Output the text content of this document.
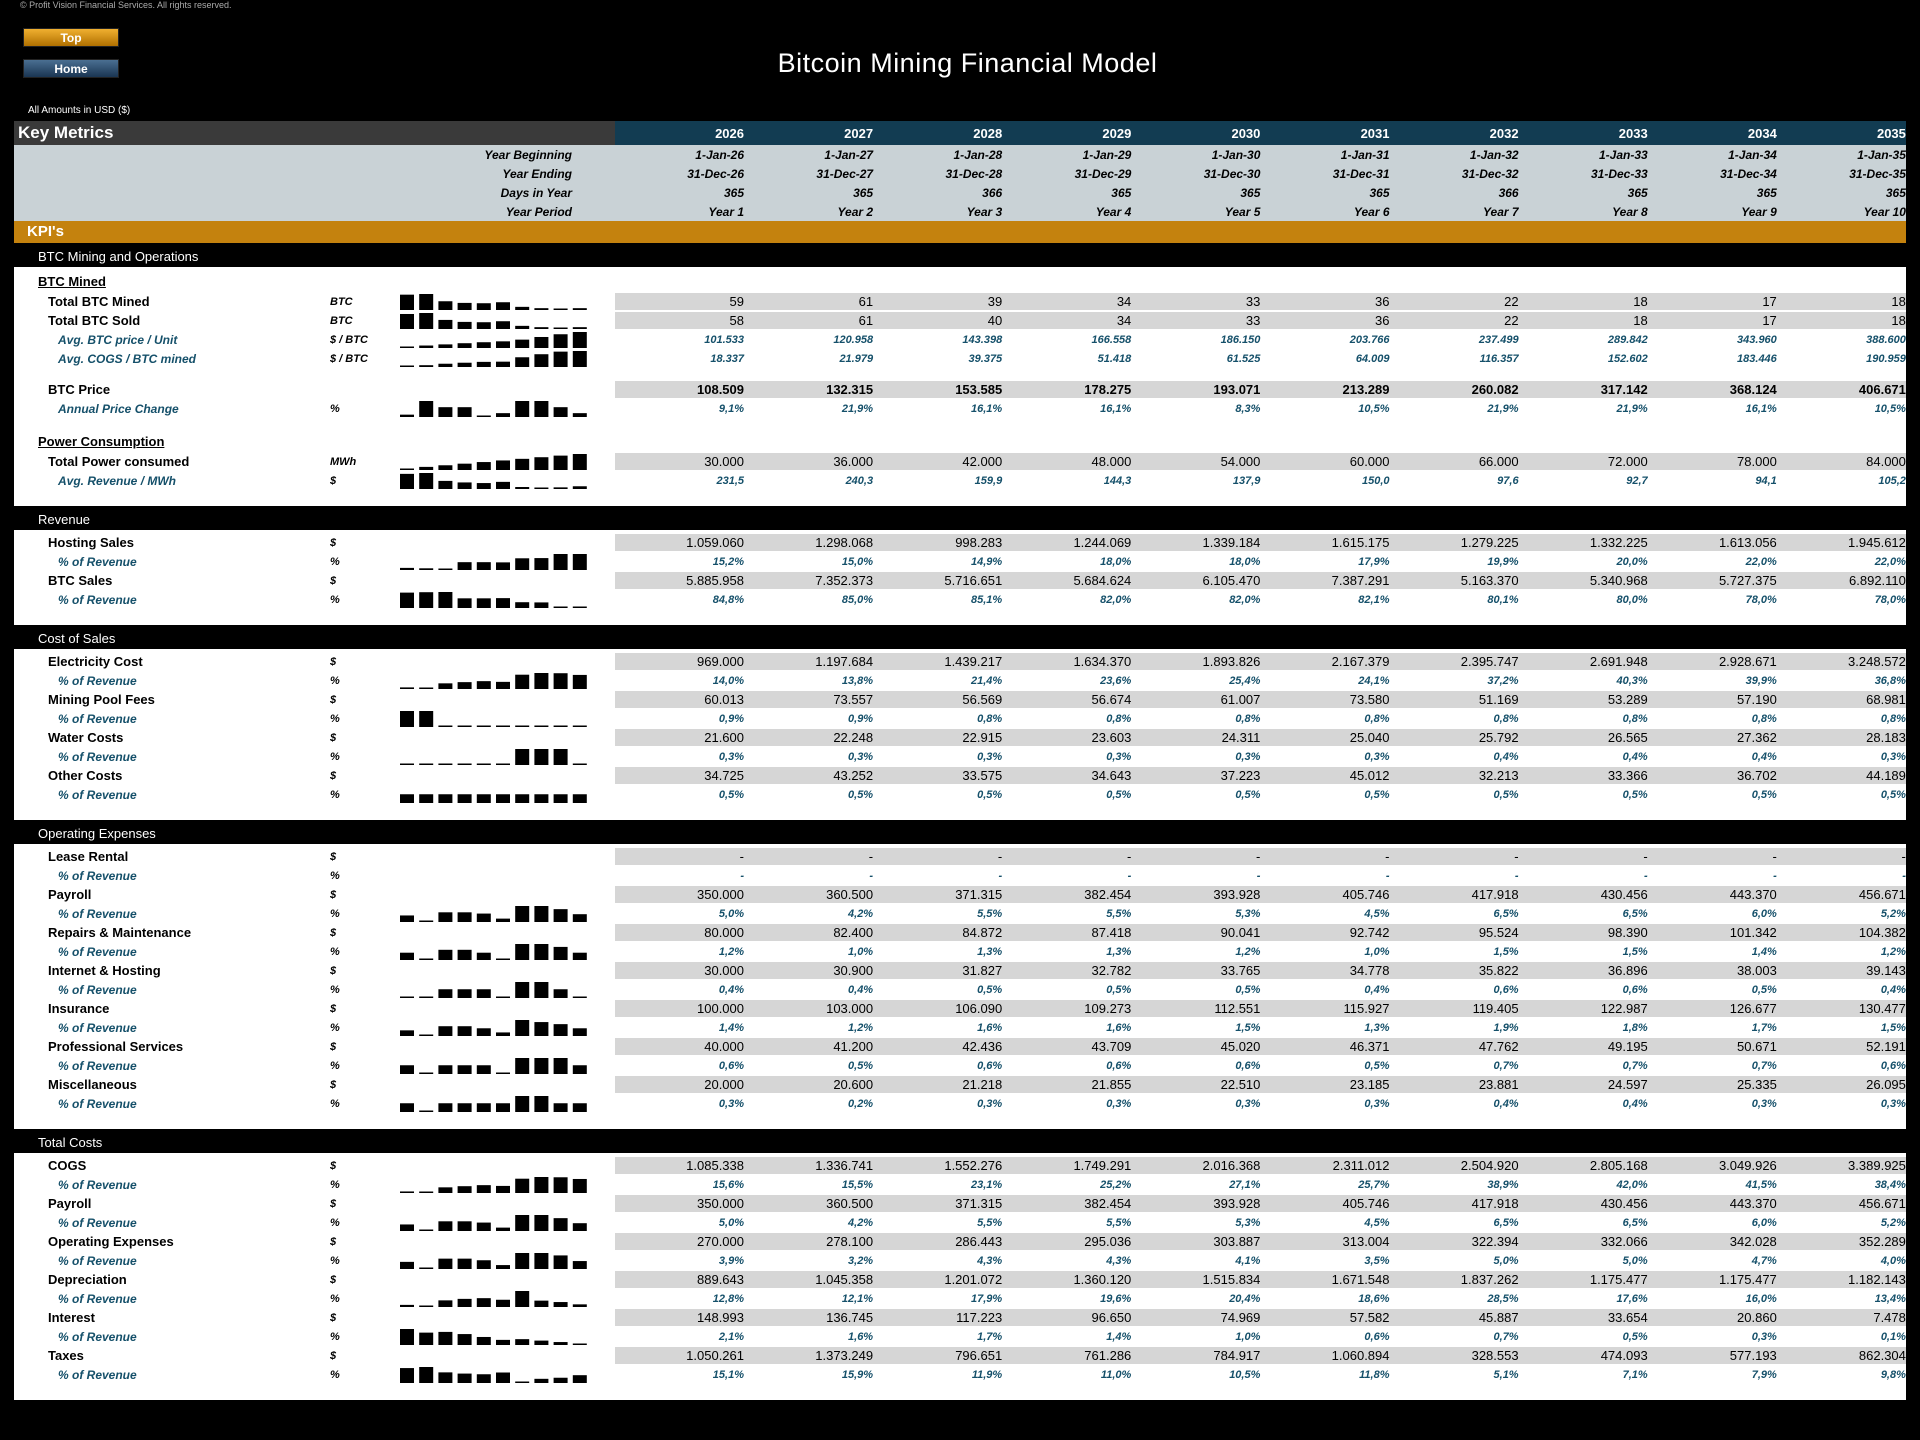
© Profit Vision Financial Services. All rights reserved.
Top
Home	Bitcoin Mining Financial Model
All Amounts in USD ($)
Key Metrics	2026	2027	2028	2029	2030	2031	2032	2033	2034	2035
Year Beginning	1-Jan-26	1-Jan-27	1-Jan-28	1-Jan-29	1-Jan-30	1-Jan-31	1-Jan-32	1-Jan-33	1-Jan-34	1-Jan-35
Year Ending	31-Dec-26	31-Dec-27	31-Dec-28	31-Dec-29	31-Dec-30	31-Dec-31	31-Dec-32	31-Dec-33	31-Dec-34	31-Dec-35
Days in Year	365	365	366	365	365	365	366	365	365	365
Year Period	Year 1	Year 2	Year 3	Year 4	Year 5	Year 6	Year 7	Year 8	Year 9	Year 10
KPI's
BTC Mining and Operations
BTC Mined
Total BTC Mined	BTC	59	61	39	34	33	36	22	18	17	18
Total BTC Sold	BTC	58	61	40	34	33	36	22	18	17	18
Avg. BTC price / Unit	$ / BTC	101.533	120.958	143.398	166.558	186.150	203.766	237.499	289.842	343.960	388.600
Avg. COGS / BTC mined	$ / BTC	18.337	21.979	39.375	51.418	61.525	64.009	116.357	152.602	183.446	190.959
BTC Price	108.509	132.315	153.585	178.275	193.071	213.289	260.082	317.142	368.124	406.671
Annual Price Change	%	9,1%	21,9%	16,1%	16,1%	8,3%	10,5%	21,9%	21,9%	16,1%	10,5%
Power Consumption
Total Power consumed	MWh	30.000	36.000	42.000	48.000	54.000	60.000	66.000	72.000	78.000	84.000
Avg. Revenue / MWh	$	231,5	240,3	159,9	144,3	137,9	150,0	97,6	92,7	94,1	105,2
Revenue
Hosting Sales	$	1.059.060	1.298.068	998.283	1.244.069	1.339.184	1.615.175	1.279.225	1.332.225	1.613.056	1.945.612
% of Revenue	%	15,2%	15,0%	14,9%	18,0%	18,0%	17,9%	19,9%	20,0%	22,0%	22,0%
BTC Sales	$	5.885.958	7.352.373	5.716.651	5.684.624	6.105.470	7.387.291	5.163.370	5.340.968	5.727.375	6.892.110
% of Revenue	%	84,8%	85,0%	85,1%	82,0%	82,0%	82,1%	80,1%	80,0%	78,0%	78,0%
Cost of Sales
Electricity Cost	$	969.000	1.197.684	1.439.217	1.634.370	1.893.826	2.167.379	2.395.747	2.691.948	2.928.671	3.248.572
% of Revenue	%	14,0%	13,8%	21,4%	23,6%	25,4%	24,1%	37,2%	40,3%	39,9%	36,8%
Mining Pool Fees	$	60.013	73.557	56.569	56.674	61.007	73.580	51.169	53.289	57.190	68.981
% of Revenue	%	0,9%	0,9%	0,8%	0,8%	0,8%	0,8%	0,8%	0,8%	0,8%	0,8%
Water Costs	$	21.600	22.248	22.915	23.603	24.311	25.040	25.792	26.565	27.362	28.183
% of Revenue	%	0,3%	0,3%	0,3%	0,3%	0,3%	0,3%	0,4%	0,4%	0,4%	0,3%
Other Costs	$	34.725	43.252	33.575	34.643	37.223	45.012	32.213	33.366	36.702	44.189
% of Revenue	%	0,5%	0,5%	0,5%	0,5%	0,5%	0,5%	0,5%	0,5%	0,5%	0,5%
Operating Expenses
Lease Rental	$	-	-	-	-	-	-	-	-	-	-
% of Revenue	%	-	-	-	-	-	-	-	-	-	-
Payroll	$	350.000	360.500	371.315	382.454	393.928	405.746	417.918	430.456	443.370	456.671
% of Revenue	%	5,0%	4,2%	5,5%	5,5%	5,3%	4,5%	6,5%	6,5%	6,0%	5,2%
Repairs & Maintenance	$	80.000	82.400	84.872	87.418	90.041	92.742	95.524	98.390	101.342	104.382
% of Revenue	%	1,2%	1,0%	1,3%	1,3%	1,2%	1,0%	1,5%	1,5%	1,4%	1,2%
Internet & Hosting	$	30.000	30.900	31.827	32.782	33.765	34.778	35.822	36.896	38.003	39.143
% of Revenue	%	0,4%	0,4%	0,5%	0,5%	0,5%	0,4%	0,6%	0,6%	0,5%	0,4%
Insurance	$	100.000	103.000	106.090	109.273	112.551	115.927	119.405	122.987	126.677	130.477
% of Revenue	%	1,4%	1,2%	1,6%	1,6%	1,5%	1,3%	1,9%	1,8%	1,7%	1,5%
Professional Services	$	40.000	41.200	42.436	43.709	45.020	46.371	47.762	49.195	50.671	52.191
% of Revenue	%	0,6%	0,5%	0,6%	0,6%	0,6%	0,5%	0,7%	0,7%	0,7%	0,6%
Miscellaneous	$	20.000	20.600	21.218	21.855	22.510	23.185	23.881	24.597	25.335	26.095
% of Revenue	%	0,3%	0,2%	0,3%	0,3%	0,3%	0,3%	0,4%	0,4%	0,3%	0,3%
Total Costs
COGS	$	1.085.338	1.336.741	1.552.276	1.749.291	2.016.368	2.311.012	2.504.920	2.805.168	3.049.926	3.389.925
% of Revenue	%	15,6%	15,5%	23,1%	25,2%	27,1%	25,7%	38,9%	42,0%	41,5%	38,4%
Payroll	$	350.000	360.500	371.315	382.454	393.928	405.746	417.918	430.456	443.370	456.671
% of Revenue	%	5,0%	4,2%	5,5%	5,5%	5,3%	4,5%	6,5%	6,5%	6,0%	5,2%
Operating Expenses	$	270.000	278.100	286.443	295.036	303.887	313.004	322.394	332.066	342.028	352.289
% of Revenue	%	3,9%	3,2%	4,3%	4,3%	4,1%	3,5%	5,0%	5,0%	4,7%	4,0%
Depreciation	$	889.643	1.045.358	1.201.072	1.360.120	1.515.834	1.671.548	1.837.262	1.175.477	1.175.477	1.182.143
% of Revenue	%	12,8%	12,1%	17,9%	19,6%	20,4%	18,6%	28,5%	17,6%	16,0%	13,4%
Interest	$	148.993	136.745	117.223	96.650	74.969	57.582	45.887	33.654	20.860	7.478
% of Revenue	%	2,1%	1,6%	1,7%	1,4%	1,0%	0,6%	0,7%	0,5%	0,3%	0,1%
Taxes	$	1.050.261	1.373.249	796.651	761.286	784.917	1.060.894	328.553	474.093	577.193	862.304
% of Revenue	%	15,1%	15,9%	11,9%	11,0%	10,5%	11,8%	5,1%	7,1%	7,9%	9,8%
